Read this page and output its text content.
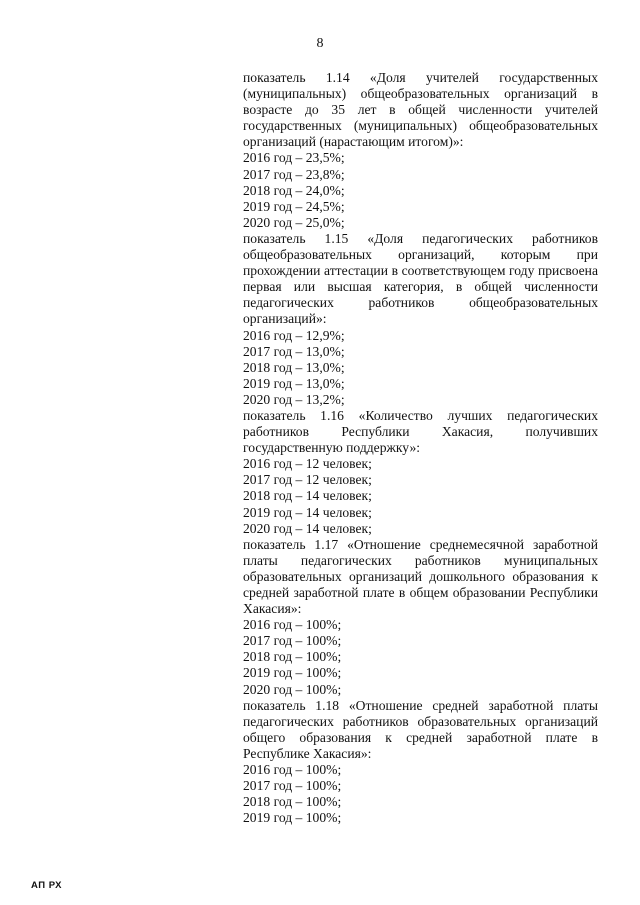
8
показатель 1.14 «Доля учителей государственных (муниципальных) общеобразовательных организаций в возрасте до 35 лет в общей численности учителей государственных (муниципальных) общеобразовательных организаций (нарастающим итогом)»:
2016 год – 23,5%;
2017 год – 23,8%;
2018 год – 24,0%;
2019 год – 24,5%;
2020 год – 25,0%;
показатель 1.15 «Доля педагогических работников общеобразовательных организаций, которым при прохождении аттестации в соответствующем году присвоена первая или высшая категория, в общей численности педагогических работников общеобразовательных организаций»:
2016 год – 12,9%;
2017 год – 13,0%;
2018 год – 13,0%;
2019 год – 13,0%;
2020 год – 13,2%;
показатель 1.16 «Количество лучших педагогических работников Республики Хакасия, получивших государственную поддержку»:
2016 год – 12 человек;
2017 год – 12 человек;
2018 год – 14 человек;
2019 год – 14 человек;
2020 год – 14 человек;
показатель 1.17 «Отношение среднемесячной заработной платы педагогических работников муниципальных образовательных организаций дошкольного образования к средней заработной плате в общем образовании Республики Хакасия»:
2016 год – 100%;
2017 год – 100%;
2018 год – 100%;
2019 год – 100%;
2020 год – 100%;
показатель 1.18 «Отношение средней заработной платы педагогических работников образовательных организаций общего образования к средней заработной плате в Республике Хакасия»:
2016 год – 100%;
2017 год – 100%;
2018 год – 100%;
2019 год – 100%;
АП РХ
